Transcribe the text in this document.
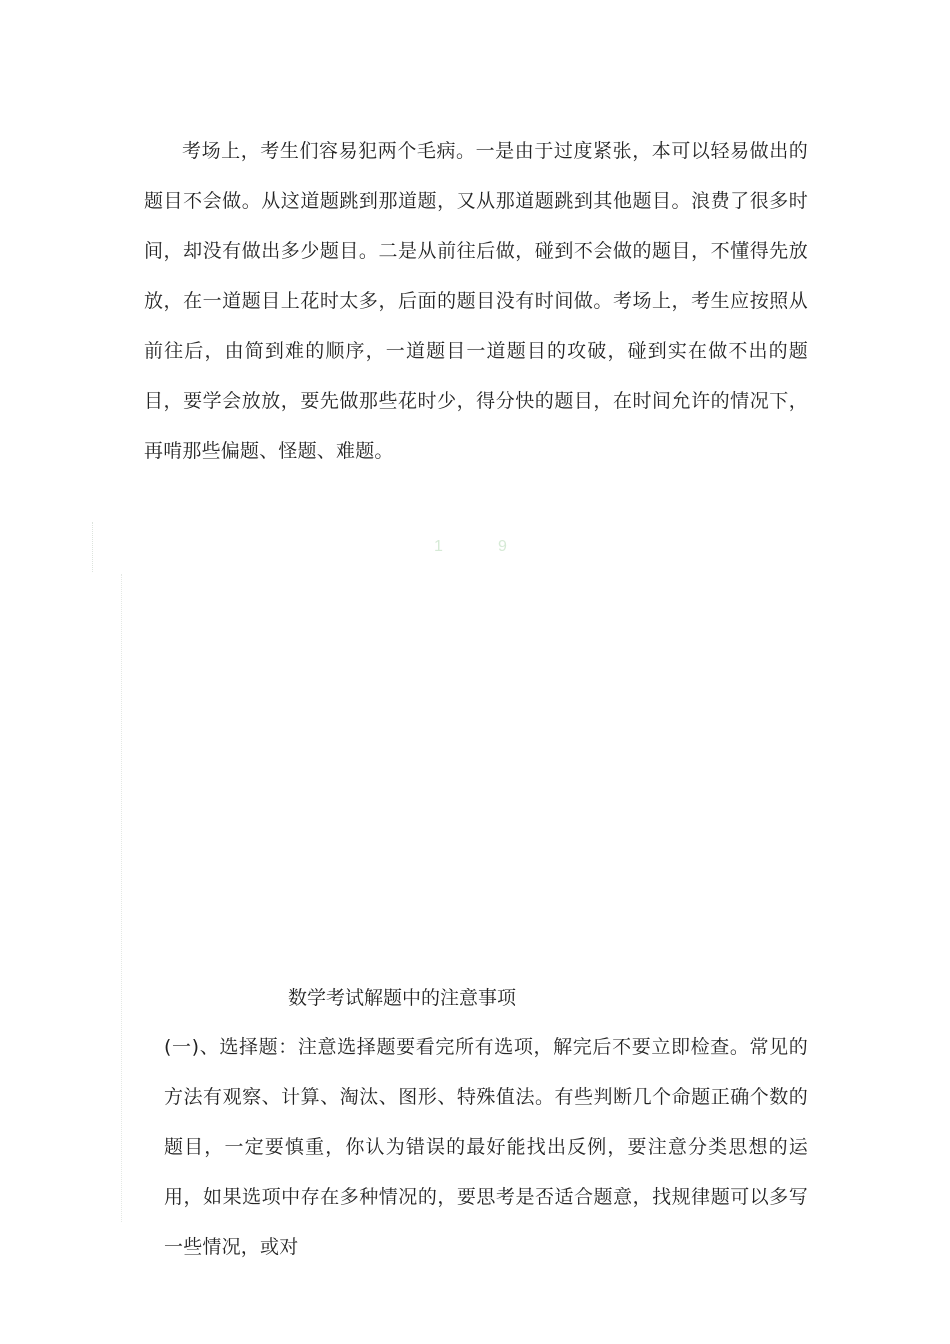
考场上，考生们容易犯两个毛病。一是由于过度紧张，本可以轻易做出的题目不会做。从这道题跳到那道题，又从那道题跳到其他题目。浪费了很多时间，却没有做出多少题目。二是从前往后做，碰到不会做的题目，不懂得先放放，在一道题目上花时太多，后面的题目没有时间做。考场上，考生应按照从前往后，由简到难的顺序，一道题目一道题目的攻破，碰到实在做不出的题目，要学会放放，要先做那些花时少，得分快的题目，在时间允许的情况下，再啃那些偏题、怪题、难题。

1	9
数学考试解题中的注意事项

(一)、选择题：注意选择题要看完所有选项，解完后不要立即检查。常见的方法有观察、计算、淘汰、图形、特殊值法。有些判断几个命题正确个数的题目，一定要慎重，你认为错误的最好能找出反例，要注意分类思想的运用，如果选项中存在多种情况的，要思考是否适合题意，找规律题可以多写一些情况，或对
